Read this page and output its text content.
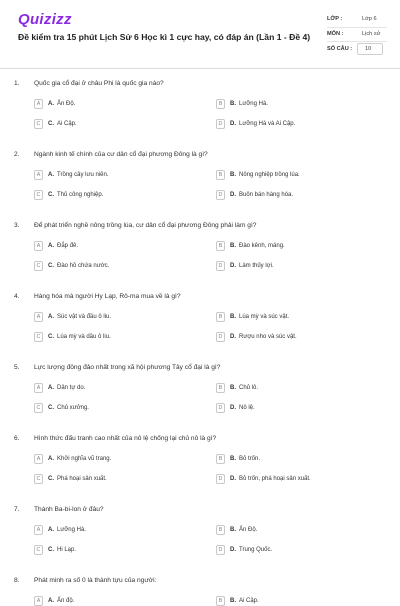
Quizizz
Đề kiểm tra 15 phút Lịch Sử 6 Học kì 1 cực hay, có đáp án (Lần 1 - Đề 4)
LỚP :	Lớp 6
MÔN :	Lịch sử
SỐ CÂU : 10
1. Quốc gia cổ đại ở châu Phi là quốc gia nào?
A	A. Ấn Độ.	B	B. Lưỡng Hà.
C	C. Ai Cập.	D	D. Lưỡng Hà và Ai Cập.
2. Ngành kinh tế chính của cư dân cổ đại phương Đông là gì?
A	A. Trồng cây lưu niên.	B	B. Nông nghiệp trồng lúa.
C	C. Thủ công nghiệp.	D	D. Buôn bán hàng hóa.
3. Để phát triển nghề nông trồng lúa, cư dân cổ đại phương Đông phải làm gì?
A	A. Đắp đê.	B	B. Đào kênh, máng.
C	C. Đào hồ chứa nước.	D	D. Làm thủy lợi.
4. Hàng hóa mà người Hy Lạp, Rô-ma mua về là gì?
A	A. Súc vật và đầu ô liu.	B	B. Lúa mỳ và súc vật.
C	C. Lúa mỳ và dầu ô liu.	D	D. Rượu nho và súc vật.
5. Lực lượng đông đảo nhất trong xã hội phương Tây cổ đại là gì?
A	A. Dân tự do.	B	B. Chủ lô.
C	C. Chủ xưởng.	D	D. Nô lệ.
6. Hình thức đấu tranh cao nhất của nô lệ chống lại chủ nô là gì?
A	A. Khởi nghĩa vũ trang.	B	B. Bỏ trốn.
C	C. Phá hoại sản xuất.	D	D. Bỏ trốn, phá hoại sản xuất.
7. Thành Ba-bi-lon ở đâu?
A	A. Lưỡng Hà.	B	B. Ấn Độ.
C	C. Hi Lạp.	D	D. Trung Quốc.
8. Phát minh ra số 0 là thành tựu của người:
A	A. Ấn độ.	B	B. Ai Cập.
